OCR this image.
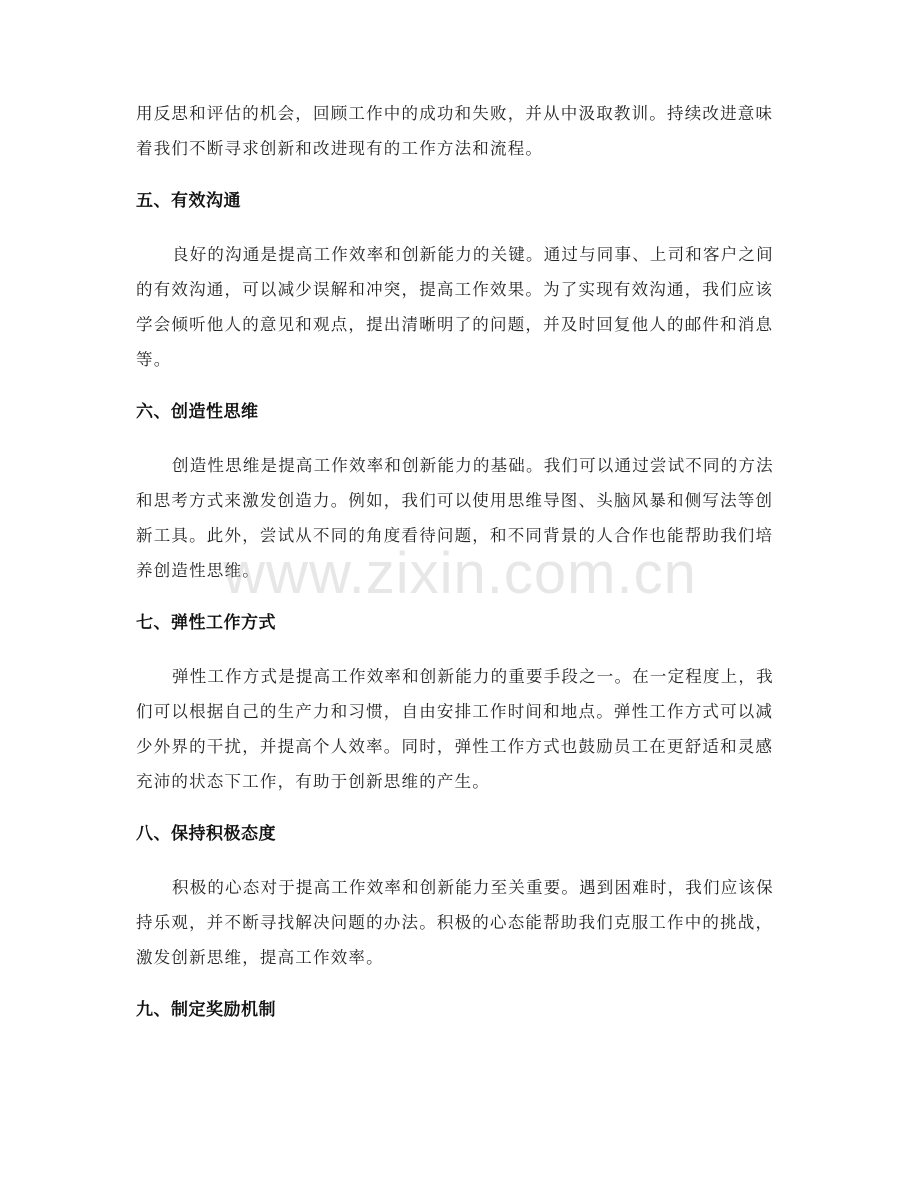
用反思和评估的机会，回顾工作中的成功和失败，并从中汲取教训。持续改进意味
着我们不断寻求创新和改进现有的工作方法和流程。

五、有效沟通

良好的沟通是提高工作效率和创新能力的关键。通过与同事、上司和客户之间
的有效沟通，可以减少误解和冲突，提高工作效果。为了实现有效沟通，我们应该
学会倾听他人的意见和观点，提出清晰明了的问题，并及时回复他人的邮件和消息
等。

六、创造性思维

创造性思维是提高工作效率和创新能力的基础。我们可以通过尝试不同的方法
和思考方式来激发创造力。例如，我们可以使用思维导图、头脑风暴和侧写法等创
新工具。此外，尝试从不同的角度看待问题，和不同背景的人合作也能帮助我们培
养创造性思维。

七、弹性工作方式

弹性工作方式是提高工作效率和创新能力的重要手段之一。在一定程度上，我
们可以根据自己的生产力和习惯，自由安排工作时间和地点。弹性工作方式可以减
少外界的干扰，并提高个人效率。同时，弹性工作方式也鼓励员工在更舒适和灵感
充沛的状态下工作，有助于创新思维的产生。

八、保持积极态度

积极的心态对于提高工作效率和创新能力至关重要。遇到困难时，我们应该保
持乐观，并不断寻找解决问题的办法。积极的心态能帮助我们克服工作中的挑战，
激发创新思维，提高工作效率。

九、制定奖励机制
www.zixin.com.cn
